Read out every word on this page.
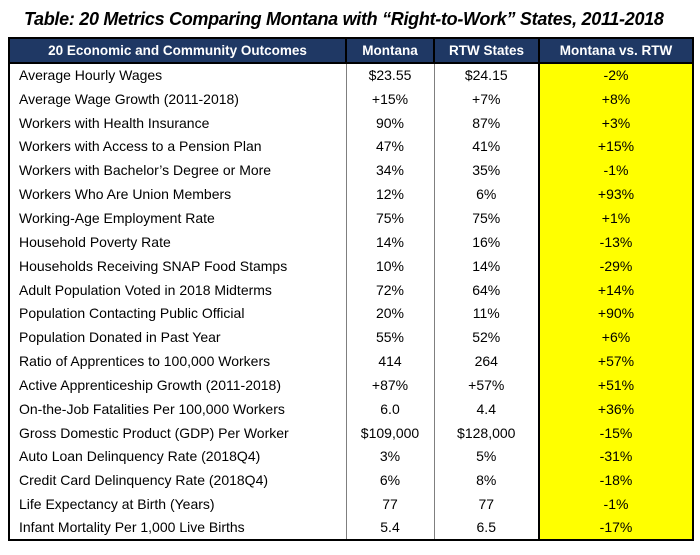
Table: 20 Metrics Comparing Montana with “Right-to-Work” States, 2011-2018
20 Economic and Community Outcomes	Montana	RTW States	Montana vs. RTW
Average Hourly Wages	$23.55	$24.15	-2%
Average Wage Growth (2011-2018)	+15%	+7%	+8%
Workers with Health Insurance	90%	87%	+3%
Workers with Access to a Pension Plan	47%	41%	+15%
Workers with Bachelor’s Degree or More	34%	35%	-1%
Workers Who Are Union Members	12%	6%	+93%
Working-Age Employment Rate	75%	75%	+1%
Household Poverty Rate	14%	16%	-13%
Households Receiving SNAP Food Stamps	10%	14%	-29%
Adult Population Voted in 2018 Midterms	72%	64%	+14%
Population Contacting Public Official	20%	11%	+90%
Population Donated in Past Year	55%	52%	+6%
Ratio of Apprentices to 100,000 Workers	414	264	+57%
Active Apprenticeship Growth (2011-2018)	+87%	+57%	+51%
On-the-Job Fatalities Per 100,000 Workers	6.0	4.4	+36%
Gross Domestic Product (GDP) Per Worker	$109,000	$128,000	-15%
Auto Loan Delinquency Rate (2018Q4)	3%	5%	-31%
Credit Card Delinquency Rate (2018Q4)	6%	8%	-18%
Life Expectancy at Birth (Years)	77	77	-1%
Infant Mortality Per 1,000 Live Births	5.4	6.5	-17%
